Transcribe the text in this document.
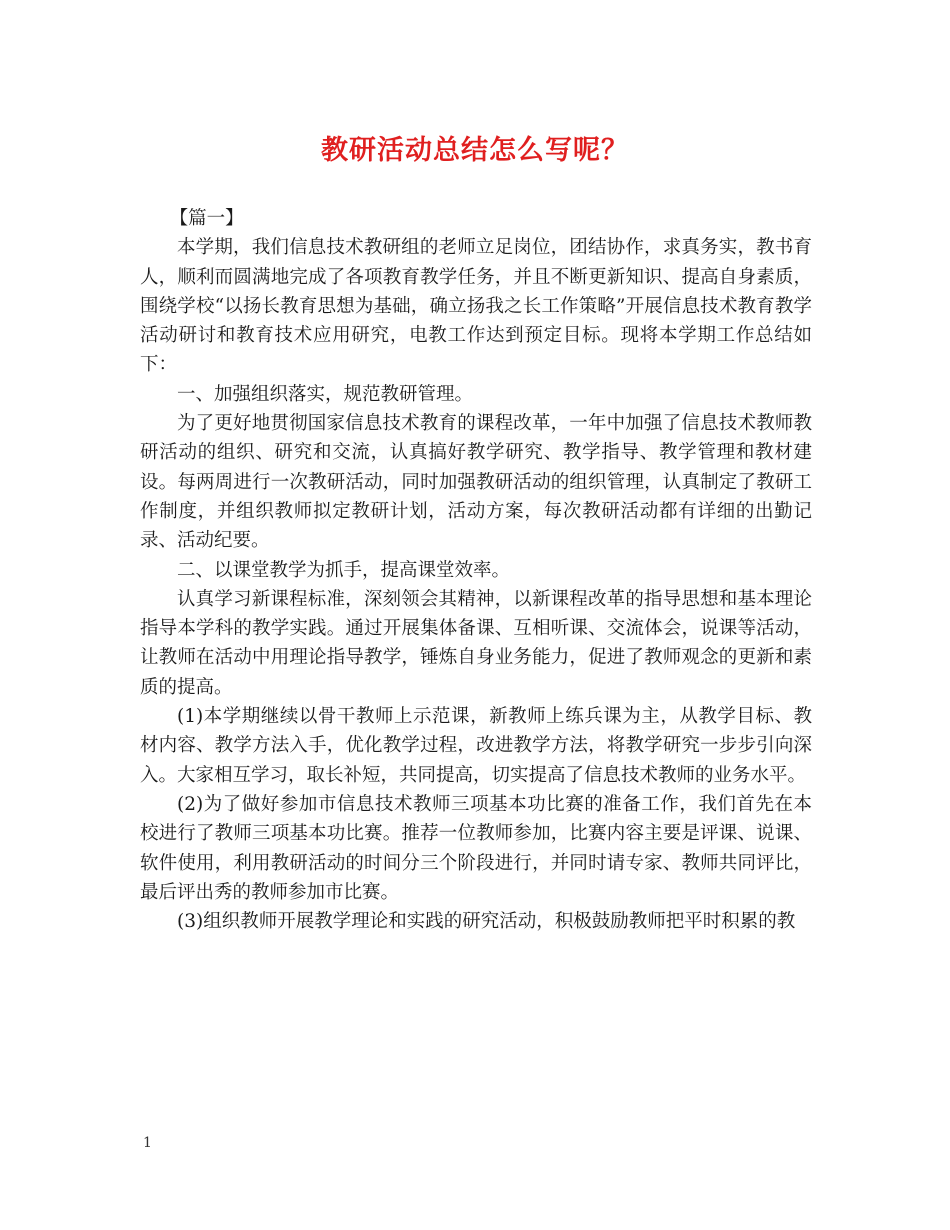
教研活动总结怎么写呢？

【篇一】

本学期，我们信息技术教研组的老师立足岗位，团结协作，求真务实，教书育人，顺利而圆满地完成了各项教育教学任务，并且不断更新知识、提高自身素质，围绕学校“以扬长教育思想为基础，确立扬我之长工作策略”开展信息技术教育教学活动研讨和教育技术应用研究，电教工作达到预定目标。现将本学期工作总结如下：

一、加强组织落实，规范教研管理。

为了更好地贯彻国家信息技术教育的课程改革，一年中加强了信息技术教师教研活动的组织、研究和交流，认真搞好教学研究、教学指导、教学管理和教材建设。每两周进行一次教研活动，同时加强教研活动的组织管理，认真制定了教研工作制度，并组织教师拟定教研计划，活动方案，每次教研活动都有详细的出勤记录、活动纪要。

二、以课堂教学为抓手，提高课堂效率。

认真学习新课程标准，深刻领会其精神，以新课程改革的指导思想和基本理论指导本学科的教学实践。通过开展集体备课、互相听课、交流体会，说课等活动，让教师在活动中用理论指导教学，锤炼自身业务能力，促进了教师观念的更新和素质的提高。

(1)本学期继续以骨干教师上示范课，新教师上练兵课为主，从教学目标、教材内容、教学方法入手，优化教学过程，改进教学方法，将教学研究一步步引向深入。大家相互学习，取长补短，共同提高，切实提高了信息技术教师的业务水平。

(2)为了做好参加市信息技术教师三项基本功比赛的准备工作，我们首先在本校进行了教师三项基本功比赛。推荐一位教师参加，比赛内容主要是评课、说课、软件使用，利用教研活动的时间分三个阶段进行，并同时请专家、教师共同评比，最后评出秀的教师参加市比赛。

(3)组织教师开展教学理论和实践的研究活动，积极鼓励教师把平时积累的教

1
